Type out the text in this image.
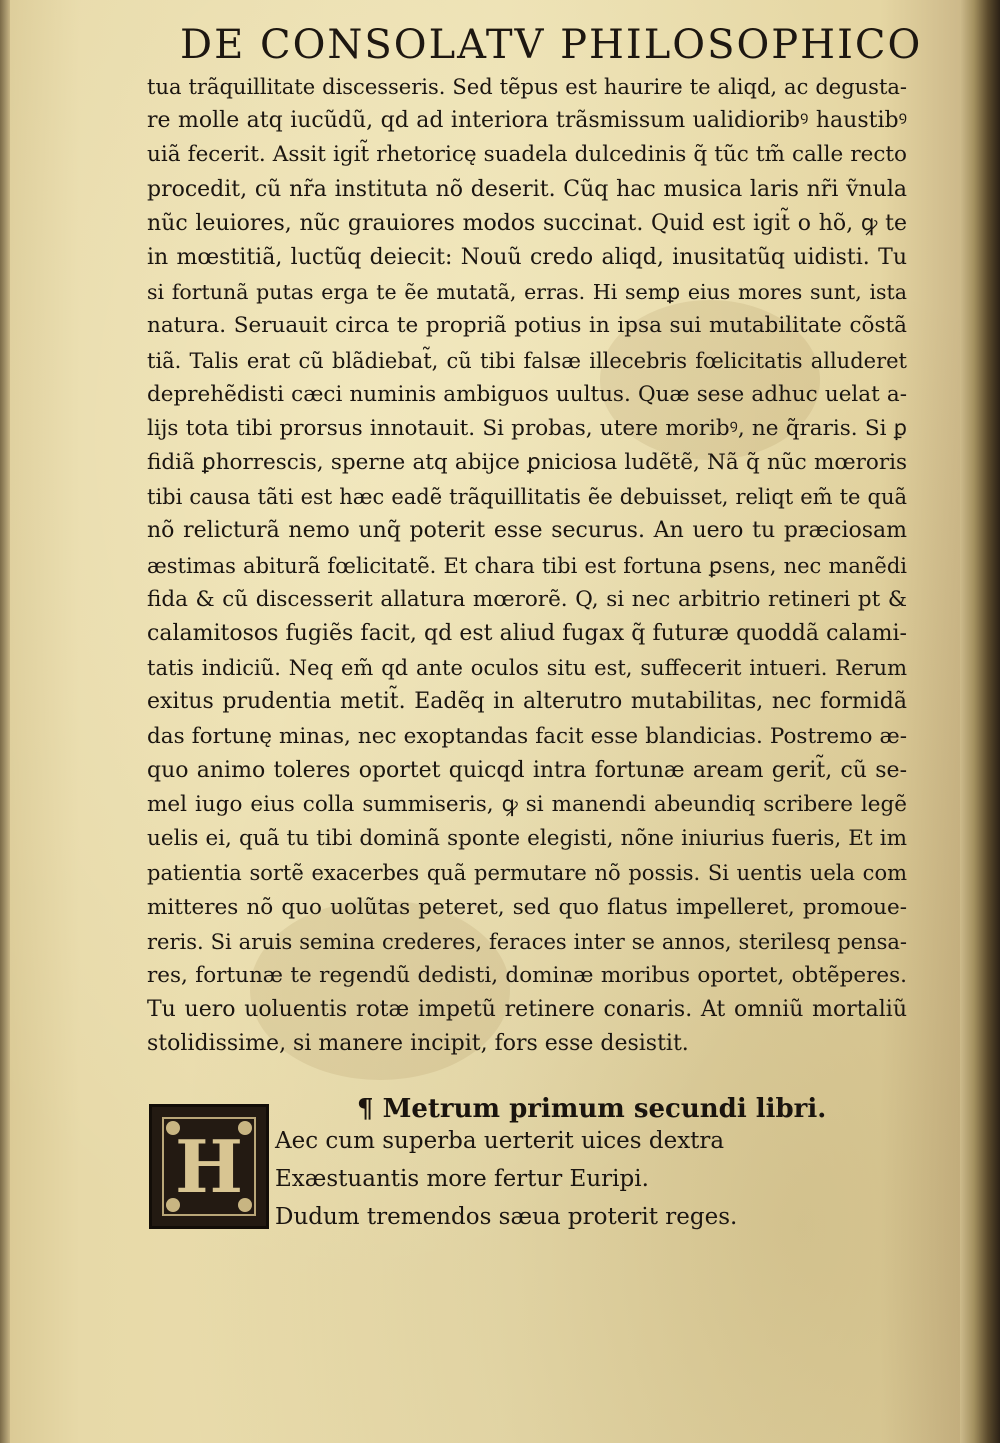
DE CONSOLATV PHILOSOPHICO
tua trãquillitate discesseris. Sed tẽpus est haurire te aliqd, ac degusta-
re molle atq iucũdũ, qd ad interiora trãsmissum ualidioribꝰ haustibꝰ
uiã fecerit. Assit igit̃ rhetoricę suadela dulcedinis q̃ tũc tm̃ calle recto
procedit, cũ nr̃a instituta nõ deserit. Cũq hac musica laris nr̃i ṽnula
nũc leuiores, nũc grauiores modos succinat. Quid est igit̃ o hõ, ꝙ te
in mœstitiã, luctũq deiecit: Nouũ credo aliqd, inusitatũq uidisti. Tu
si fortunã putas erga te ẽe mutatã, erras. Hi semꝑ eius mores sunt, ista
natura. Seruauit circa te propriã potius in ipsa sui mutabilitate cõstã
tiã. Talis erat cũ blãdiebat̃, cũ tibi falsæ illecebris fœlicitatis alluderet
deprehẽdisti cæci numinis ambiguos uultus. Quæ sese adhuc uelat a-
lijs tota tibi prorsus innotauit. Si probas, utere moribꝰ, ne q̃raris. Si ꝑ
fidiã ꝑhorrescis, sperne atq abijce ꝑniciosa ludẽtẽ, Nã q̃ nũc mœroris
tibi causa tãti est hæc eadẽ trãquillitatis ẽe debuisset, reliqt em̃ te quã
nõ relicturã nemo unq̃ poterit esse securus. An uero tu præciosam
æstimas abiturã fœlicitatẽ. Et chara tibi est fortuna ꝑsens, nec manẽdi
fida & cũ discesserit allatura mœrorẽ. Q, si nec arbitrio retineri pt &
calamitosos fugiẽs facit, qd est aliud fugax q̃ futuræ quoddã calami-
tatis indiciũ. Neq em̃ qd ante oculos situ est, suffecerit intueri. Rerum
exitus prudentia metit̃. Eadẽq in alterutro mutabilitas, nec formidã
das fortunę minas, nec exoptandas facit esse blandicias. Postremo æ-
quo animo toleres oportet quicqd intra fortunæ aream gerit̃, cũ se-
mel iugo eius colla summiseris, ꝙ si manendi abeundiq scribere legẽ
uelis ei, quã tu tibi dominã sponte elegisti, nõne iniurius fueris, Et im
patientia sortẽ exacerbes quã permutare nõ possis. Si uentis uela com
mitteres nõ quo uolũtas peteret, sed quo flatus impelleret, promoue-
reris. Si aruis semina crederes, feraces inter se annos, sterilesq pensa-
res, fortunæ te regendũ dedisti, dominæ moribus oportet, obtẽperes.
Tu uero uoluentis rotæ impetũ retinere conaris. At omniũ mortaliũ
stolidissime, si manere incipit, fors esse desistit.
H
¶ Metrum primum secundi libri.
Aec cum superba uerterit uices dextra
Exæstuantis more fertur Euripi.
Dudum tremendos sæua proterit reges.
